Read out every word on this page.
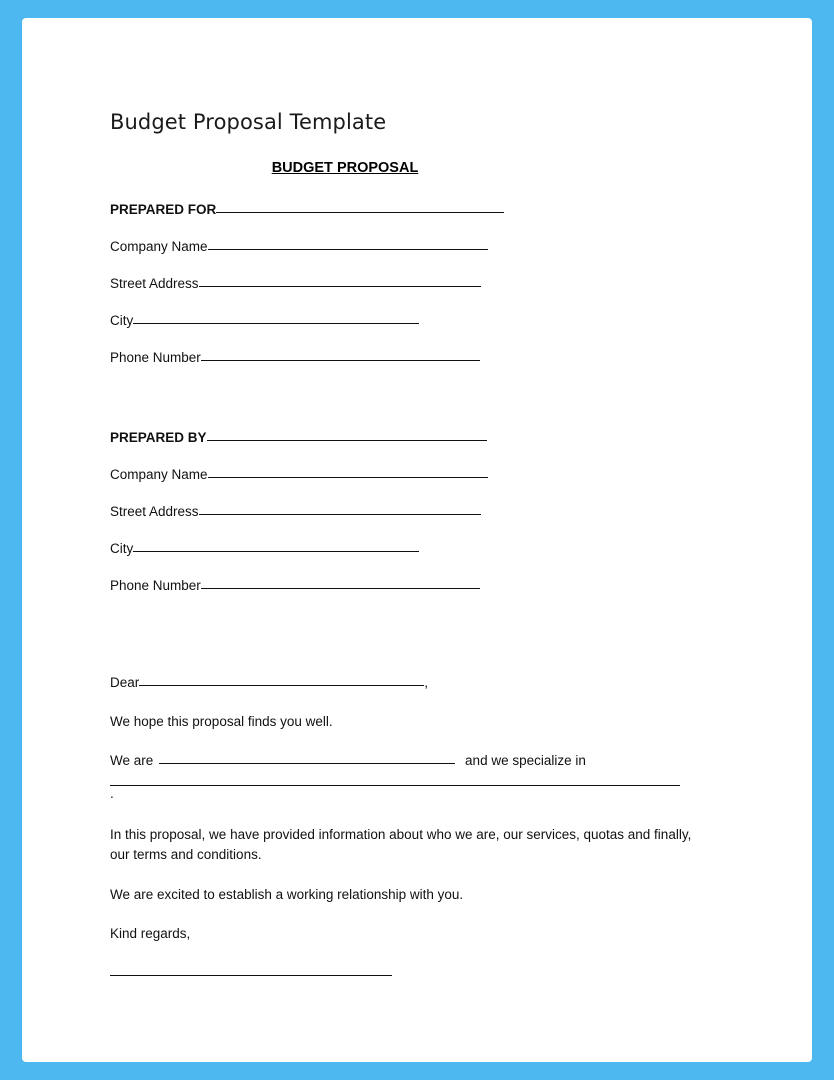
Budget Proposal Template
BUDGET PROPOSAL
PREPARED FOR
Company Name
Street Address
City
Phone Number
PREPARED BY
Company Name
Street Address
City
Phone Number
Dear	,
We hope this proposal finds you well.
We are	and we specialize in
.
In this proposal, we have provided information about who we are, our services, quotas and finally, our terms and conditions.
We are excited to establish a working relationship with you.
Kind regards,
